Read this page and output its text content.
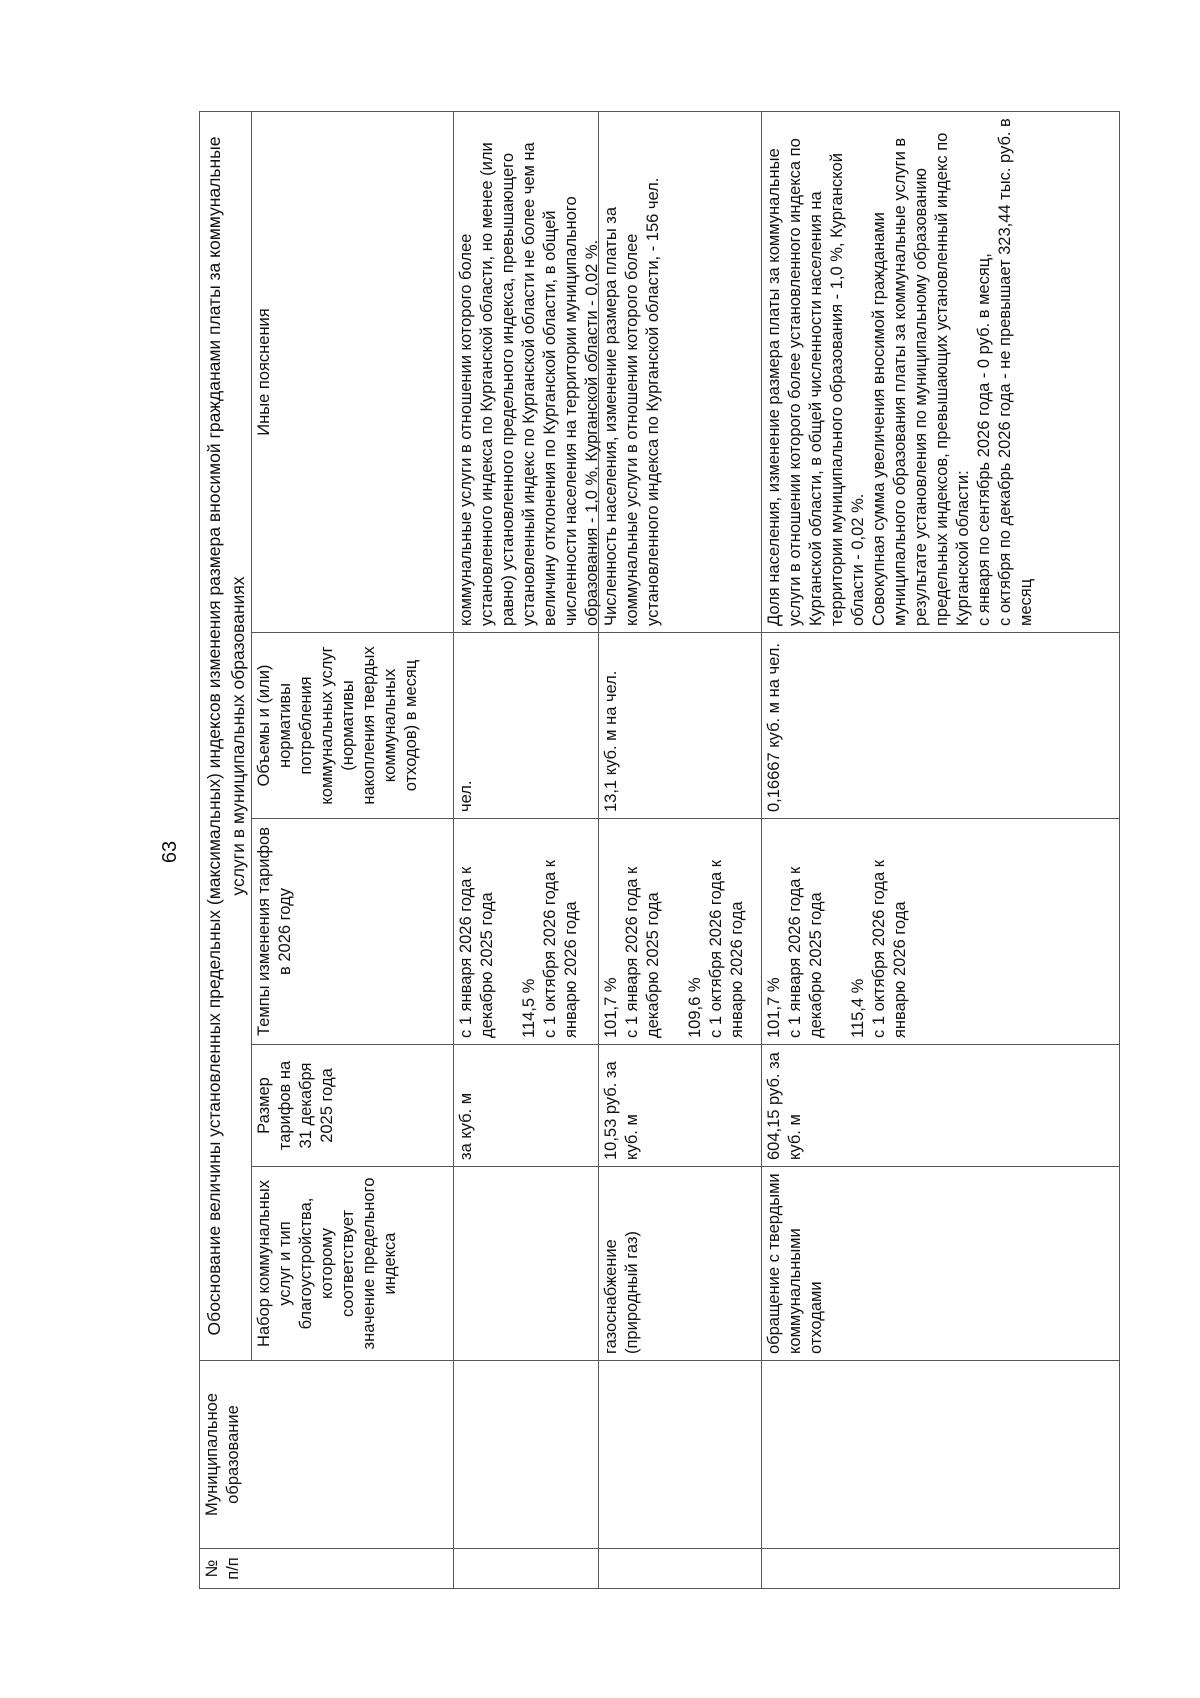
63
№ п/п
Муниципальное образование
Обоснование величины установленных предельных (максимальных) индексов изменения размера вносимой гражданами платы за коммунальные услуги в муниципальных образованиях
Набор коммунальных услуг и тип благоустройства, которому соответствует значение предельного индекса
Размер тарифов на 31 декабря 2025 года
Темпы изменения тарифов в 2026 году
Объемы и (или) нормативы потребления коммунальных услуг (нормативы накопления твердых коммунальных отходов) в месяц
Иные пояснения
за куб. м
с 1 января 2026 года к декабрю 2025 года 114,5 % с 1 октября 2026 года к январю 2026 года
чел.
коммунальные услуги в отношении которого более установленного индекса по Курганской области, но менее (или равно) установленного предельного индекса, превышающего установленный индекс по Курганской области не более чем на величину отклонения по Курганской области, в общей численности населения на территории муниципального образования - 1,0 %, Курганской области - 0,02 %.
газоснабжение (природный газ)
10,53 руб. за куб. м
101,7 % с 1 января 2026 года к декабрю 2025 года 109,6 % с 1 октября 2026 года к январю 2026 года
13,1 куб. м на чел.
Численность населения, изменение размера платы за коммунальные услуги в отношении которого более установленного индекса по Курганской области, - 156 чел.
обращение с твердыми коммунальными отходами
604,15 руб. за куб. м
101,7 % с 1 января 2026 года к декабрю 2025 года 115,4 % с 1 октября 2026 года к январю 2026 года
0,16667 куб. м на чел.
Доля населения, изменение размера платы за коммунальные услуги в отношении которого более установленного индекса по Курганской области, в общей численности населения на территории муниципального образования - 1,0 %, Курганской области - 0,02 %. Совокупная сумма увеличения вносимой гражданами муниципального образования платы за коммунальные услуги в результате установления по муниципальному образованию предельных индексов, превышающих установленный индекс по Курганской области: с января по сентябрь 2026 года - 0 руб. в месяц, с октября по декабрь 2026 года - не превышает 323,44 тыс. руб. в месяц
